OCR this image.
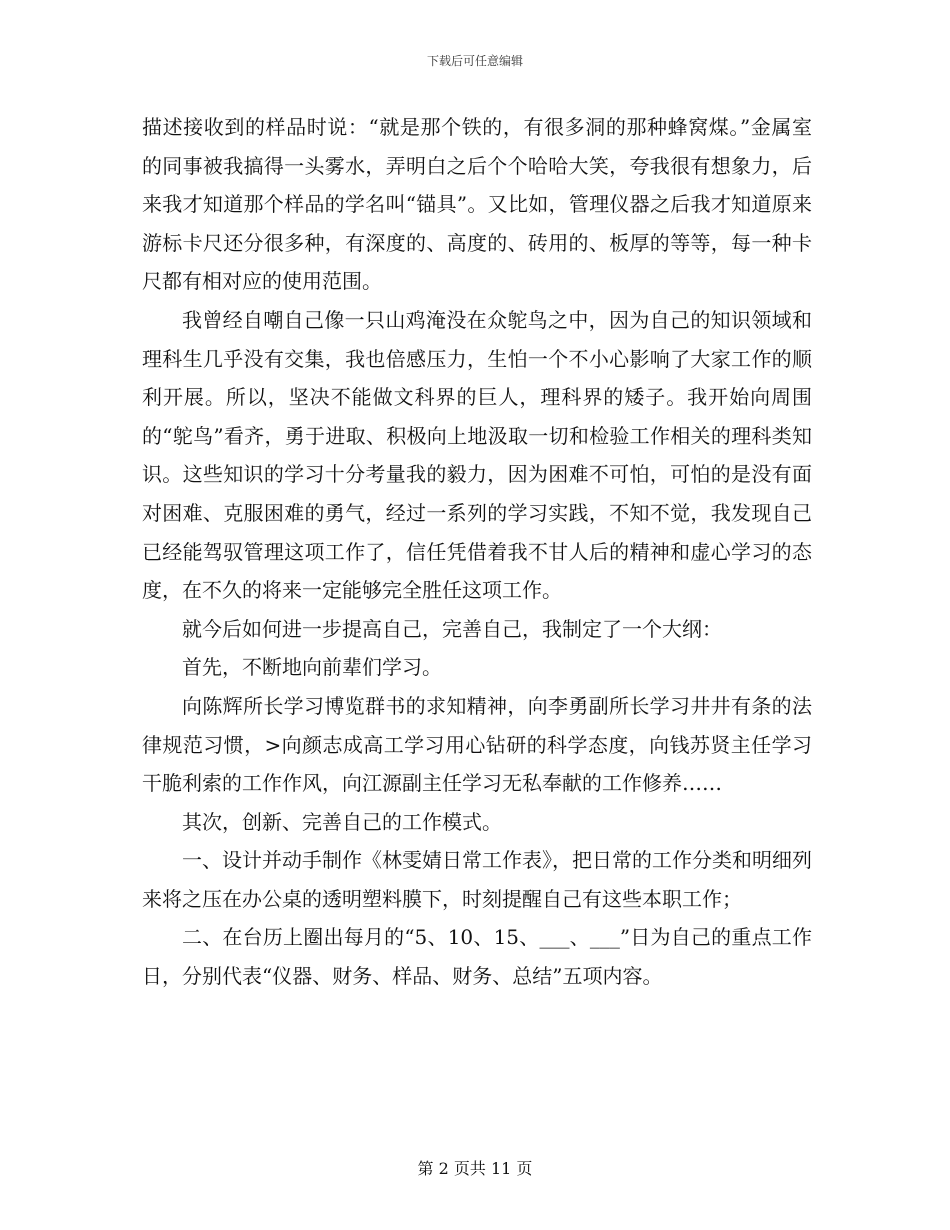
下载后可任意编辑

描述接收到的样品时说：“就是那个铁的，有很多洞的那种蜂窝煤。”金属室的同事被我搞得一头雾水，弄明白之后个个哈哈大笑，夸我很有想象力，后来我才知道那个样品的学名叫“锚具”。又比如，管理仪器之后我才知道原来游标卡尺还分很多种，有深度的、高度的、砖用的、板厚的等等，每一种卡尺都有相对应的使用范围。

我曾经自嘲自己像一只山鸡淹没在众鸵鸟之中，因为自己的知识领域和理科生几乎没有交集，我也倍感压力，生怕一个不小心影响了大家工作的顺利开展。所以，坚决不能做文科界的巨人，理科界的矮子。我开始向周围的“鸵鸟”看齐，勇于进取、积极向上地汲取一切和检验工作相关的理科类知识。这些知识的学习十分考量我的毅力，因为困难不可怕，可怕的是没有面对困难、克服困难的勇气，经过一系列的学习实践，不知不觉，我发现自己已经能驾驭管理这项工作了，信任凭借着我不甘人后的精神和虚心学习的态度，在不久的将来一定能够完全胜任这项工作。

就今后如何进一步提高自己，完善自己，我制定了一个大纲：

首先，不断地向前辈们学习。

向陈辉所长学习博览群书的求知精神，向李勇副所长学习井井有条的法律规范习惯，>向颜志成高工学习用心钻研的科学态度，向钱苏贤主任学习干脆利索的工作作风，向江源副主任学习无私奉献的工作修养……

其次，创新、完善自己的工作模式。

一、设计并动手制作《林雯婧日常工作表》，把日常的工作分类和明细列来将之压在办公桌的透明塑料膜下，时刻提醒自己有这些本职工作；

二、在台历上圈出每月的“5、10、15、___、___”日为自己的重点工作日，分别代表“仪器、财务、样品、财务、总结”五项内容。

第 2 页共 11 页
